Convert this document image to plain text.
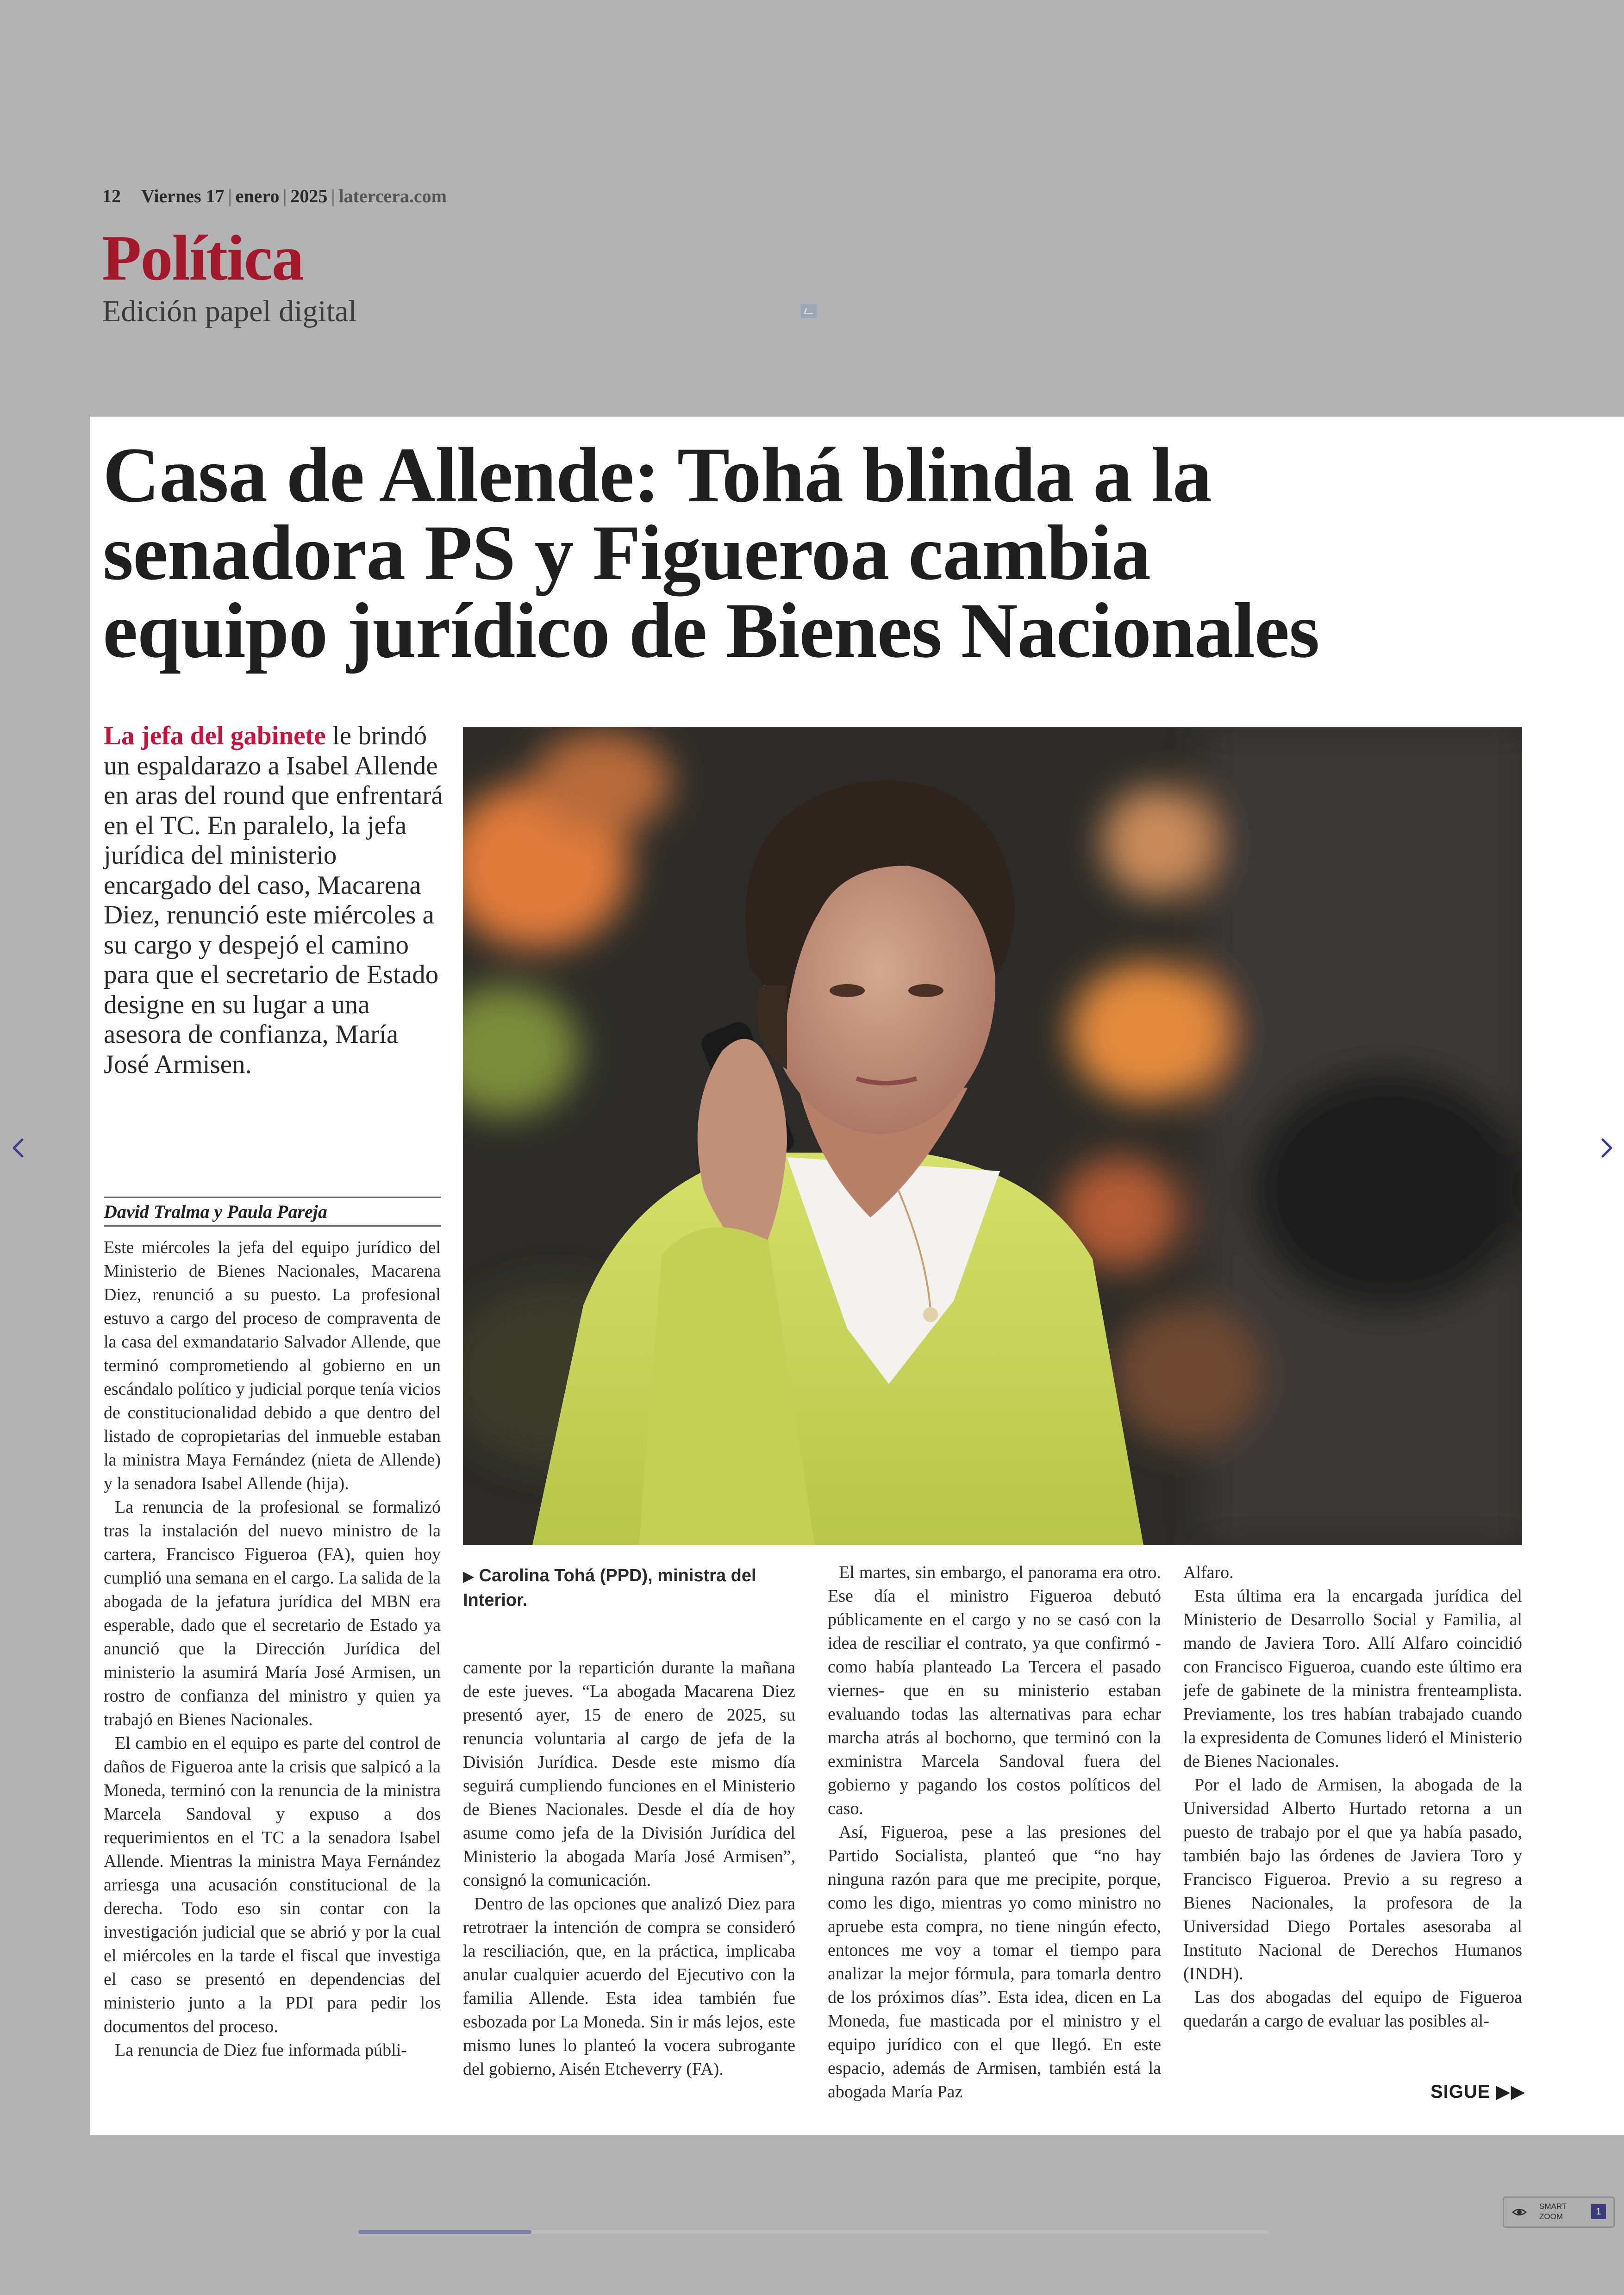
12 Viernes 17 | enero | 2025 | latercera.com
Política
Edición papel digital
Casa de Allende: Tohá blinda a la
senadora PS y Figueroa cambia
equipo jurídico de Bienes Nacionales
La jefa del gabinete le brindó un espaldarazo a Isabel Allende en aras del round que enfrentará en el TC. En paralelo, la jefa jurídica del ministerio encargado del caso, Macarena Diez, renunció este miércoles a su cargo y despejó el camino para que el secretario de Estado designe en su lugar a una asesora de confianza, María José Armisen.
David Tralma y Paula Pareja

Este miércoles la jefa del equipo jurídico del Ministerio de Bienes Nacionales, Macarena Diez, renunció a su puesto. La profesional estuvo a cargo del proceso de compraventa de la casa del exmandatario Salvador Allende, que terminó comprometiendo al gobierno en un escándalo político y judicial porque tenía vicios de constitucionalidad debido a que dentro del listado de copropietarias del inmueble estaban la ministra Maya Fernández (nieta de Allende) y la senadora Isabel Allende (hija).

La renuncia de la profesional se formalizó tras la instalación del nuevo ministro de la cartera, Francisco Figueroa (FA), quien hoy cumplió una semana en el cargo. La salida de la abogada de la jefatura jurídica del MBN era esperable, dado que el secretario de Estado ya anunció que la Dirección Jurídica del ministerio la asumirá María José Armisen, un rostro de confianza del ministro y quien ya trabajó en Bienes Nacionales.

El cambio en el equipo es parte del control de daños de Figueroa ante la crisis que salpicó a la Moneda, terminó con la renuncia de la ministra Marcela Sandoval y expuso a dos requerimientos en el TC a la senadora Isabel Allende. Mientras la ministra Maya Fernández arriesga una acusación constitucional de la derecha. Todo eso sin contar con la investigación judicial que se abrió y por la cual el miércoles en la tarde el fiscal que investiga el caso se presentó en dependencias del ministerio junto a la PDI para pedir los documentos del proceso.

La renuncia de Diez fue informada públi-

▶ Carolina Tohá (PPD), ministra del Interior.

camente por la repartición durante la mañana de este jueves. “La abogada Macarena Diez presentó ayer, 15 de enero de 2025, su renuncia voluntaria al cargo de jefa de la División Jurídica. Desde este mismo día seguirá cumpliendo funciones en el Ministerio de Bienes Nacionales. Desde el día de hoy asume como jefa de la División Jurídica del Ministerio la abogada María José Armisen”, consignó la comunicación.

Dentro de las opciones que analizó Diez para retrotraer la intención de compra se consideró la resciliación, que, en la práctica, implicaba anular cualquier acuerdo del Ejecutivo con la familia Allende. Esta idea también fue esbozada por La Moneda. Sin ir más lejos, este mismo lunes lo planteó la vocera subrogante del gobierno, Aisén Etcheverry (FA).

El martes, sin embargo, el panorama era otro. Ese día el ministro Figueroa debutó públicamente en el cargo y no se casó con la idea de resciliar el contrato, ya que confirmó -como había planteado La Tercera el pasado viernes- que en su ministerio estaban evaluando todas las alternativas para echar marcha atrás al bochorno, que terminó con la exministra Marcela Sandoval fuera del gobierno y pagando los costos políticos del caso.

Así, Figueroa, pese a las presiones del Partido Socialista, planteó que “no hay ninguna razón para que me precipite, porque, como les digo, mientras yo como ministro no apruebe esta compra, no tiene ningún efecto, entonces me voy a tomar el tiempo para analizar la mejor fórmula, para tomarla dentro de los próximos días”. Esta idea, dicen en La Moneda, fue masticada por el ministro y el equipo jurídico con el que llegó. En este espacio, además de Armisen, también está la abogada María Paz

Alfaro.

Esta última era la encargada jurídica del Ministerio de Desarrollo Social y Familia, al mando de Javiera Toro. Allí Alfaro coincidió con Francisco Figueroa, cuando este último era jefe de gabinete de la ministra frenteamplista. Previamente, los tres habían trabajado cuando la expresidenta de Comunes lideró el Ministerio de Bienes Nacionales.

Por el lado de Armisen, la abogada de la Universidad Alberto Hurtado retorna a un puesto de trabajo por el que ya había pasado, también bajo las órdenes de Javiera Toro y Francisco Figueroa. Previo a su regreso a Bienes Nacionales, la profesora de la Universidad Diego Portales asesoraba al Instituto Nacional de Derechos Humanos (INDH).

Las dos abogadas del equipo de Figueroa quedarán a cargo de evaluar las posibles al-

SIGUE ▶▶
SMART
ZOOM	1
